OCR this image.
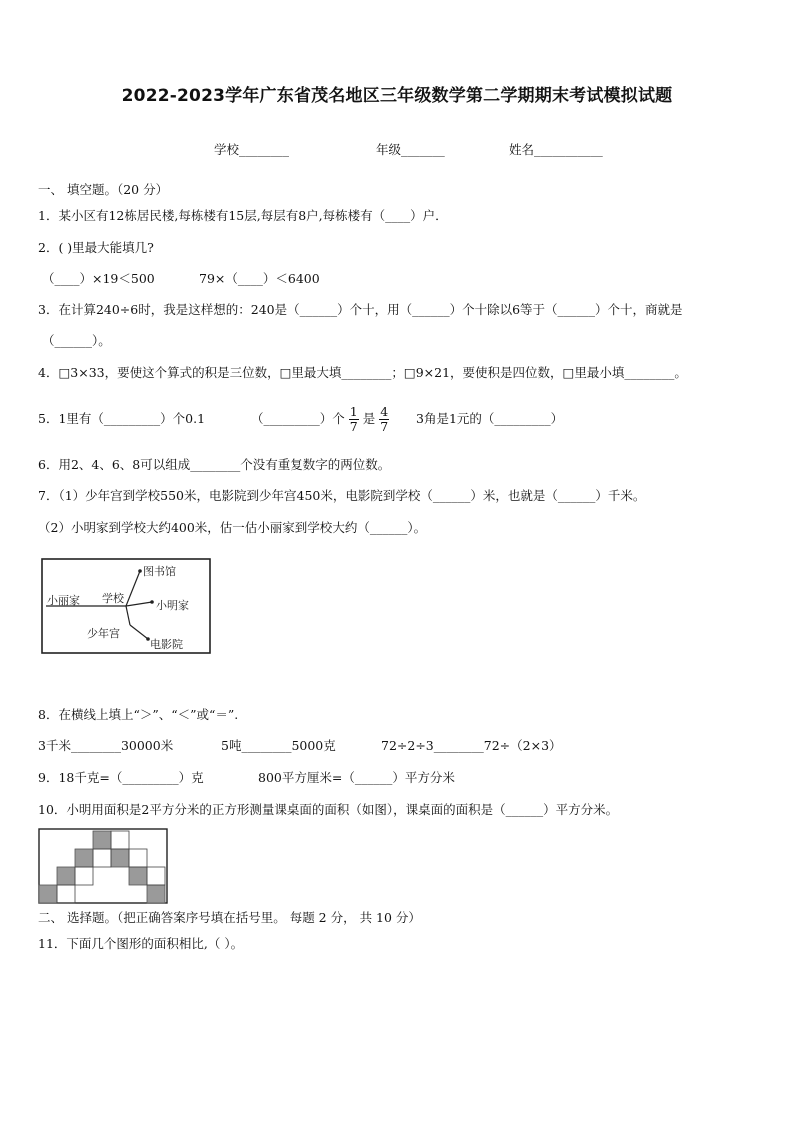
2022-2023学年广东省茂名地区三年级数学第二学期期末考试模拟试题
学校________	年级_______	姓名___________
一、 填空题。（20 分）
1．某小区有12栋居民楼,每栋楼有15层,每层有8户,每栋楼有（____）户．
2．( )里最大能填几?
（____）×19＜500	79×（____）＜6400
3．在计算240÷6时，我是这样想的：240是（______）个十，用（______）个十除以6等于（______）个十，商就是
（______）。
4．□3×33，要使这个算式的积是三位数，□里最大填________；□9×21，要使积是四位数，□里最小填________。
5．1里有（_________）个0.1	（_________）个 $\frac{1}{7}$ 是 $\frac{4}{7} 3$角是1元的（_________）
6．用2、4、6、8可以组成________个没有重复数字的两位数。
7．（1）少年宫到学校550米，电影院到少年宫450米，电影院到学校（______）米，也就是（______）千米。
（2）小明家到学校大约400米，估一估小丽家到学校大约（______）。
小丽家 学校
图书馆
小明家
少年宫
电影院
8．在横线上填上“＞”、“＜”或“＝”.
3千米________30000米	5吨________5000克	72÷2÷3________72÷（2×3）
9．18千克=（_________）克	800平方厘米=（______）平方分米
10．小明用面积是2平方分米的正方形测量课桌面的面积（如图），课桌面的面积是（______）平方分米。
二、 选择题。（把正确答案序号填在括号里。 每题 2 分， 共 10 分）
11．下面几个图形的面积相比,（ ）。
